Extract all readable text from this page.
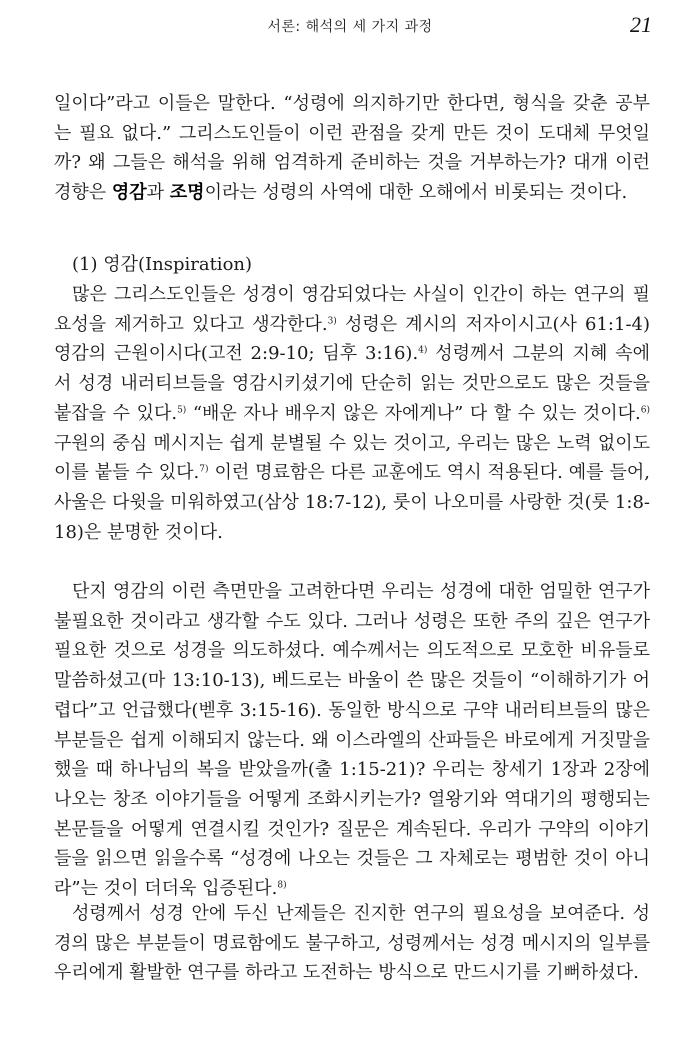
서론: 해석의 세 가지 과정	21

일이다”라고 이들은 말한다. “성령에 의지하기만 한다면, 형식을 갖춘 공부는 필요 없다.” 그리스도인들이 이런 관점을 갖게 만든 것이 도대체 무엇일까? 왜 그들은 해석을 위해 엄격하게 준비하는 것을 거부하는가? 대개 이런 경향은 영감과 조명이라는 성령의 사역에 대한 오해에서 비롯되는 것이다.

(1) 영감(Inspiration)

많은 그리스도인들은 성경이 영감되었다는 사실이 인간이 하는 연구의 필요성을 제거하고 있다고 생각한다.$^{3)}$ 성령은 계시의 저자이시고(사 61:1-4) 영감의 근원이시다(고전 2:9-10; 딤후 3:16).$^{4)}$ 성령께서 그분의 지혜 속에서 성경 내러티브들을 영감시키셨기에 단순히 읽는 것만으로도 많은 것들을 붙잡을 수 있다.$^{5)}$ “배운 자나 배우지 않은 자에게나” 다 할 수 있는 것이다.$^{6)}$ 구원의 중심 메시지는 쉽게 분별될 수 있는 것이고, 우리는 많은 노력 없이도 이를 붙들 수 있다.$^{7)}$ 이런 명료함은 다른 교훈에도 역시 적용된다. 예를 들어, 사울은 다윗을 미워하였고(삼상 18:7-12), 룻이 나오미를 사랑한 것(룻 1:8-18)은 분명한 것이다.

단지 영감의 이런 측면만을 고려한다면 우리는 성경에 대한 엄밀한 연구가 불필요한 것이라고 생각할 수도 있다. 그러나 성령은 또한 주의 깊은 연구가 필요한 것으로 성경을 의도하셨다. 예수께서는 의도적으로 모호한 비유들로 말씀하셨고(마 13:10-13), 베드로는 바울이 쓴 많은 것들이 “이해하기가 어렵다”고 언급했다(벧후 3:15-16). 동일한 방식으로 구약 내러티브들의 많은 부분들은 쉽게 이해되지 않는다. 왜 이스라엘의 산파들은 바로에게 거짓말을 했을 때 하나님의 복을 받았을까(출 1:15-21)? 우리는 창세기 1장과 2장에 나오는 창조 이야기들을 어떻게 조화시키는가? 열왕기와 역대기의 평행되는 본문들을 어떻게 연결시킬 것인가? 질문은 계속된다. 우리가 구약의 이야기들을 읽으면 읽을수록 “성경에 나오는 것들은 그 자체로는 평범한 것이 아니라”는 것이 더더욱 입증된다.$^{8)}$

성령께서 성경 안에 두신 난제들은 진지한 연구의 필요성을 보여준다. 성경의 많은 부분들이 명료함에도 불구하고, 성령께서는 성경 메시지의 일부를 우리에게 활발한 연구를 하라고 도전하는 방식으로 만드시기를 기뻐하셨다.
